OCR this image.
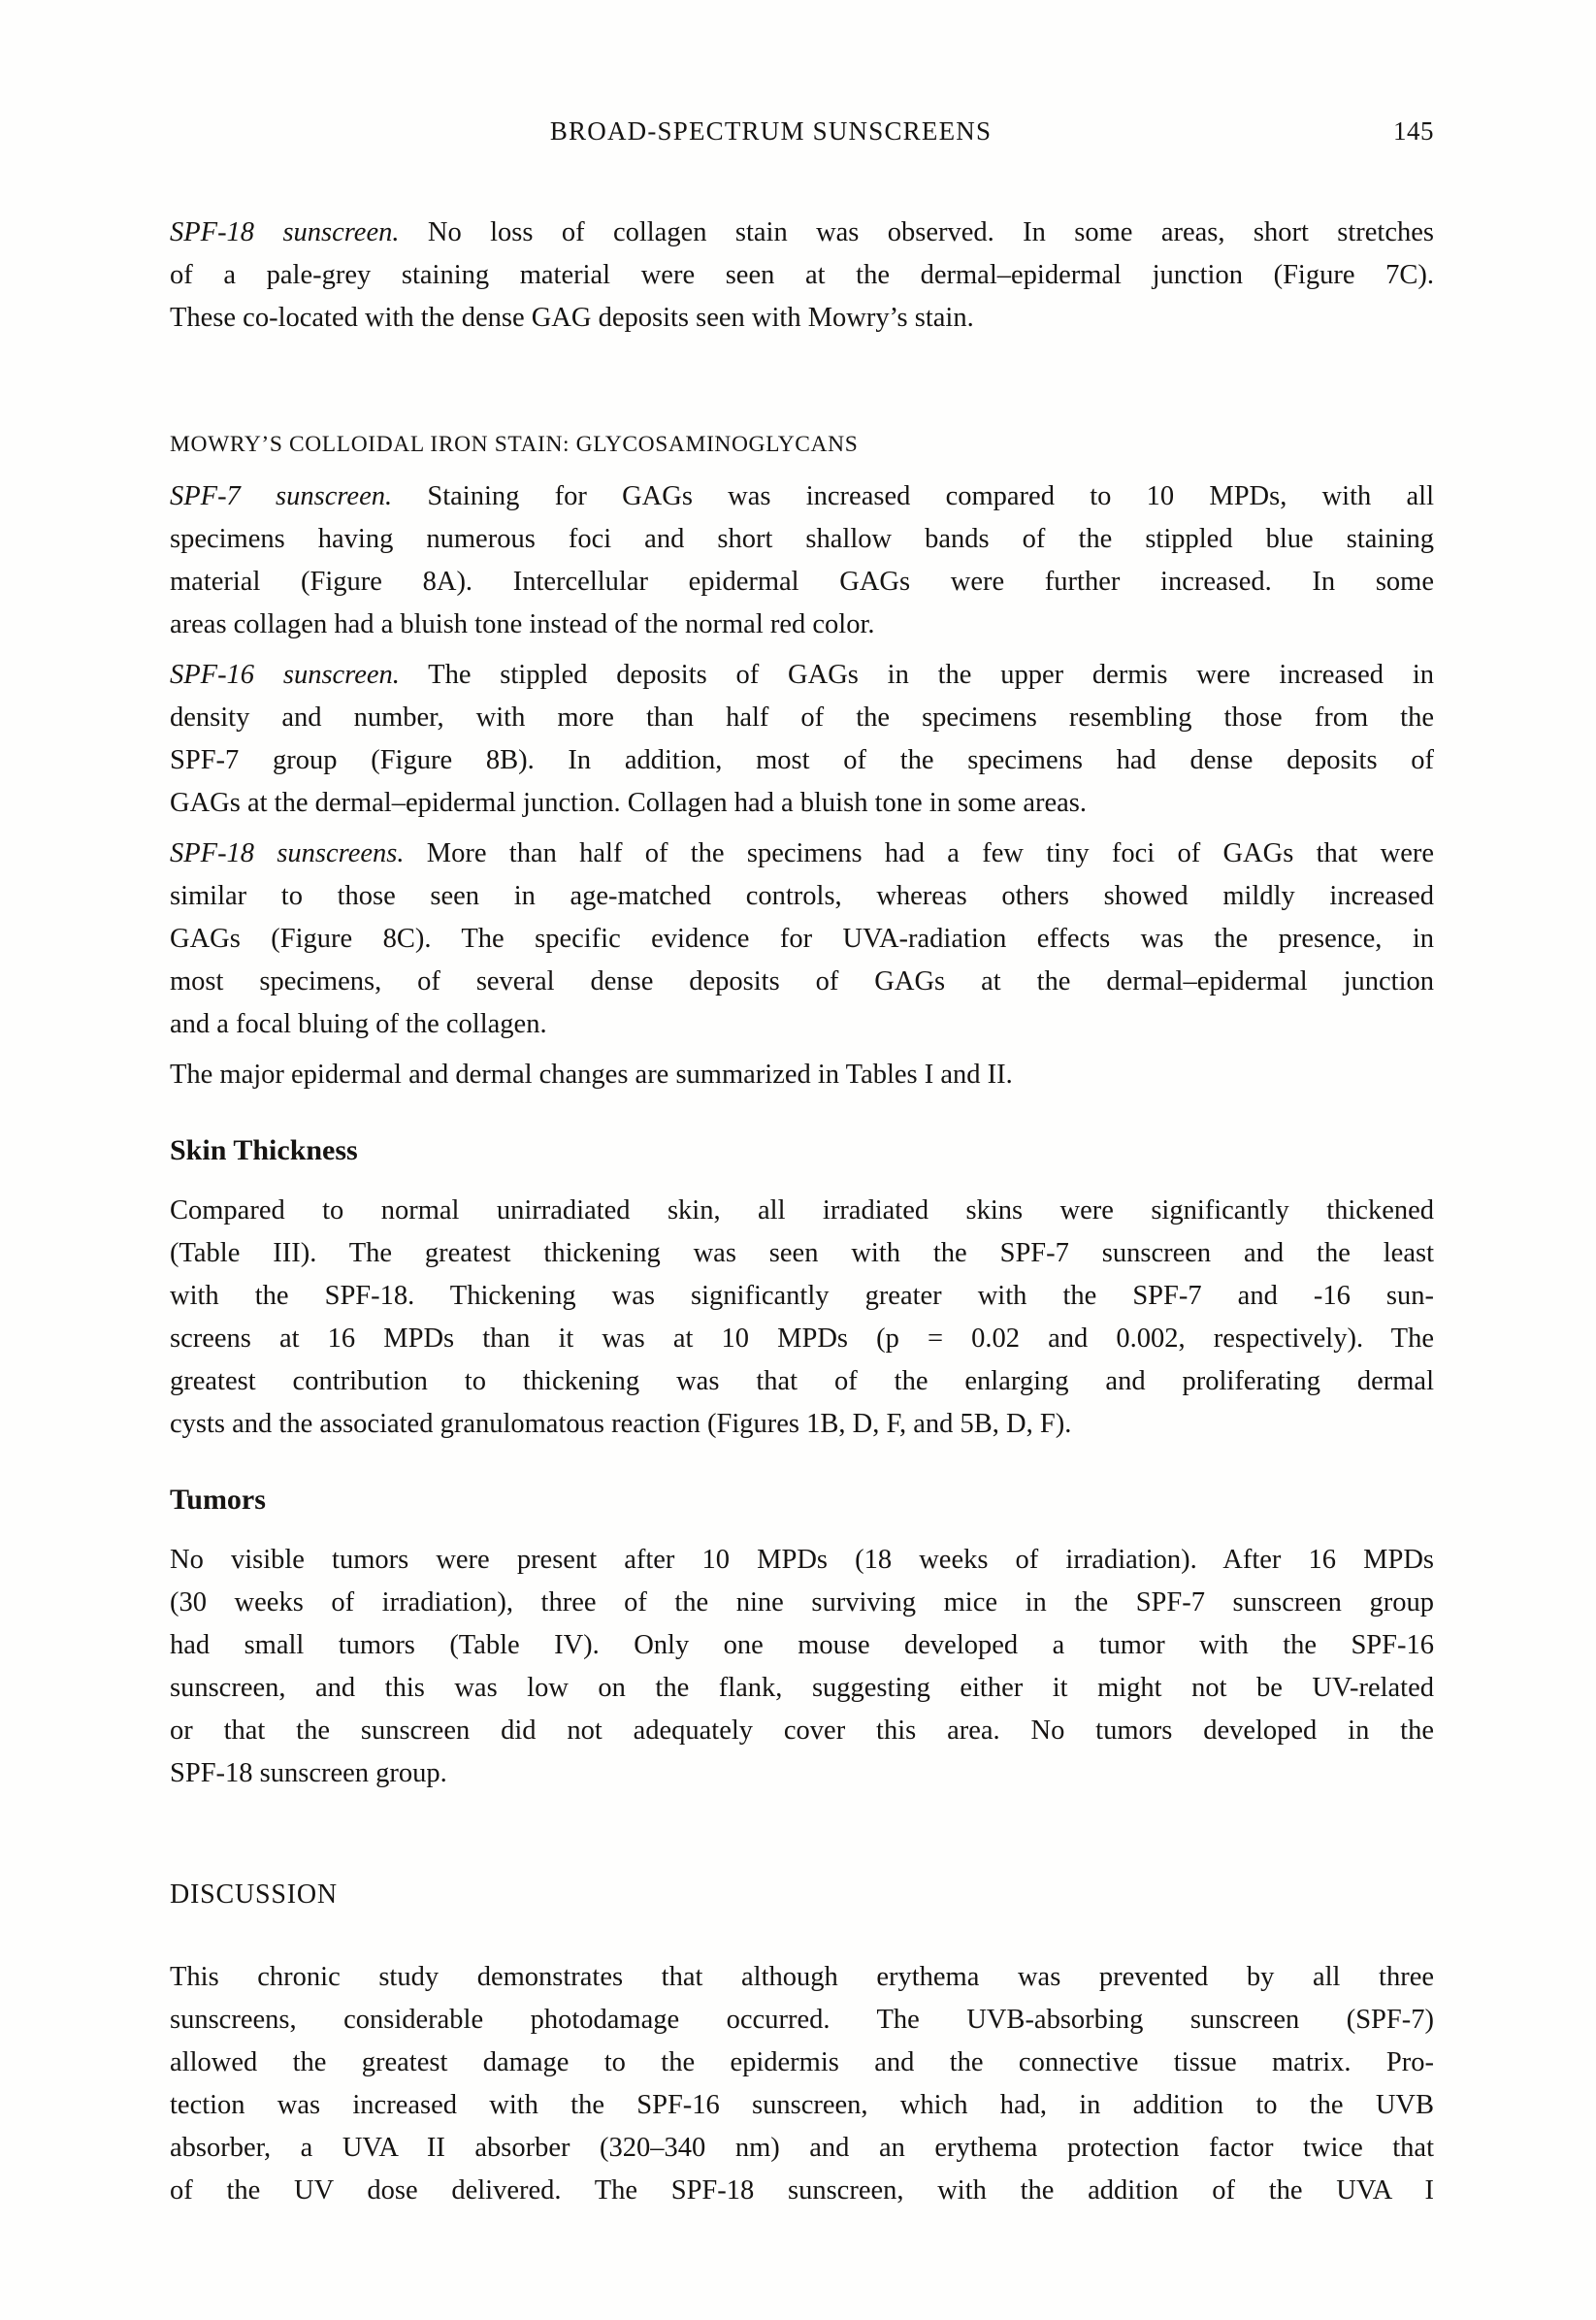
BROAD-SPECTRUM SUNSCREENS	145
SPF-18 sunscreen. No loss of collagen stain was observed. In some areas, short stretches
of a pale-grey staining material were seen at the dermal–epidermal junction (Figure 7C).
These co-located with the dense GAG deposits seen with Mowry’s stain.
MOWRY’S COLLOIDAL IRON STAIN: GLYCOSAMINOGLYCANS
SPF-7 sunscreen. Staining for GAGs was increased compared to 10 MPDs, with all
specimens having numerous foci and short shallow bands of the stippled blue staining
material (Figure 8A). Intercellular epidermal GAGs were further increased. In some
areas collagen had a bluish tone instead of the normal red color.
SPF-16 sunscreen. The stippled deposits of GAGs in the upper dermis were increased in
density and number, with more than half of the specimens resembling those from the
SPF-7 group (Figure 8B). In addition, most of the specimens had dense deposits of
GAGs at the dermal–epidermal junction. Collagen had a bluish tone in some areas.
SPF-18 sunscreens. More than half of the specimens had a few tiny foci of GAGs that were
similar to those seen in age-matched controls, whereas others showed mildly increased
GAGs (Figure 8C). The specific evidence for UVA-radiation effects was the presence, in
most specimens, of several dense deposits of GAGs at the dermal–epidermal junction
and a focal bluing of the collagen.
The major epidermal and dermal changes are summarized in Tables I and II.
Skin Thickness
Compared to normal unirradiated skin, all irradiated skins were significantly thickened
(Table III). The greatest thickening was seen with the SPF-7 sunscreen and the least
with the SPF-18. Thickening was significantly greater with the SPF-7 and -16 sun-
screens at 16 MPDs than it was at 10 MPDs (p = 0.02 and 0.002, respectively). The
greatest contribution to thickening was that of the enlarging and proliferating dermal
cysts and the associated granulomatous reaction (Figures 1B, D, F, and 5B, D, F).
Tumors
No visible tumors were present after 10 MPDs (18 weeks of irradiation). After 16 MPDs
(30 weeks of irradiation), three of the nine surviving mice in the SPF-7 sunscreen group
had small tumors (Table IV). Only one mouse developed a tumor with the SPF-16
sunscreen, and this was low on the flank, suggesting either it might not be UV-related
or that the sunscreen did not adequately cover this area. No tumors developed in the
SPF-18 sunscreen group.
DISCUSSION
This chronic study demonstrates that although erythema was prevented by all three
sunscreens, considerable photodamage occurred. The UVB-absorbing sunscreen (SPF-7)
allowed the greatest damage to the epidermis and the connective tissue matrix. Pro-
tection was increased with the SPF-16 sunscreen, which had, in addition to the UVB
absorber, a UVA II absorber (320–340 nm) and an erythema protection factor twice that
of the UV dose delivered. The SPF-18 sunscreen, with the addition of the UVA I
